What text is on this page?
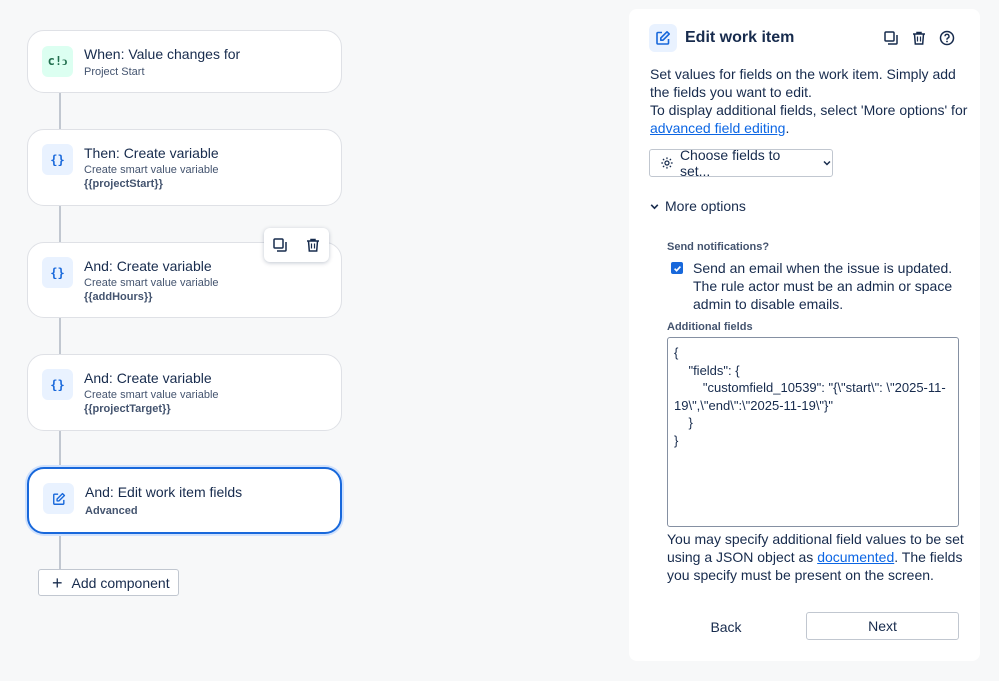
c!ↄ	When: Value changes for
Project Start
{}	Then: Create variable
Create smart value variable
{{projectStart}}
{}	And: Create variable
Create smart value variable
{{addHours}}
{}	And: Create variable
Create smart value variable
{{projectTarget}}
And: Edit work item fields
Advanced
+ Add component
Edit work item
Set values for fields on the work item. Simply add the fields you want to edit.
To display additional fields, select 'More options' for advanced field editing.
Choose fields to set...
More options
Send notifications?
Send an email when the issue is updated. The rule actor must be an admin or space admin to disable emails.
Additional fields
{
"fields": {
"customfield_10539": "{\"start\": \"2025-11-19\",\"end\":\"2025-11-19\"}"
}
}
You may specify additional field values to be set using a JSON object as documented. The fields you specify must be present on the screen.
Back	Next
